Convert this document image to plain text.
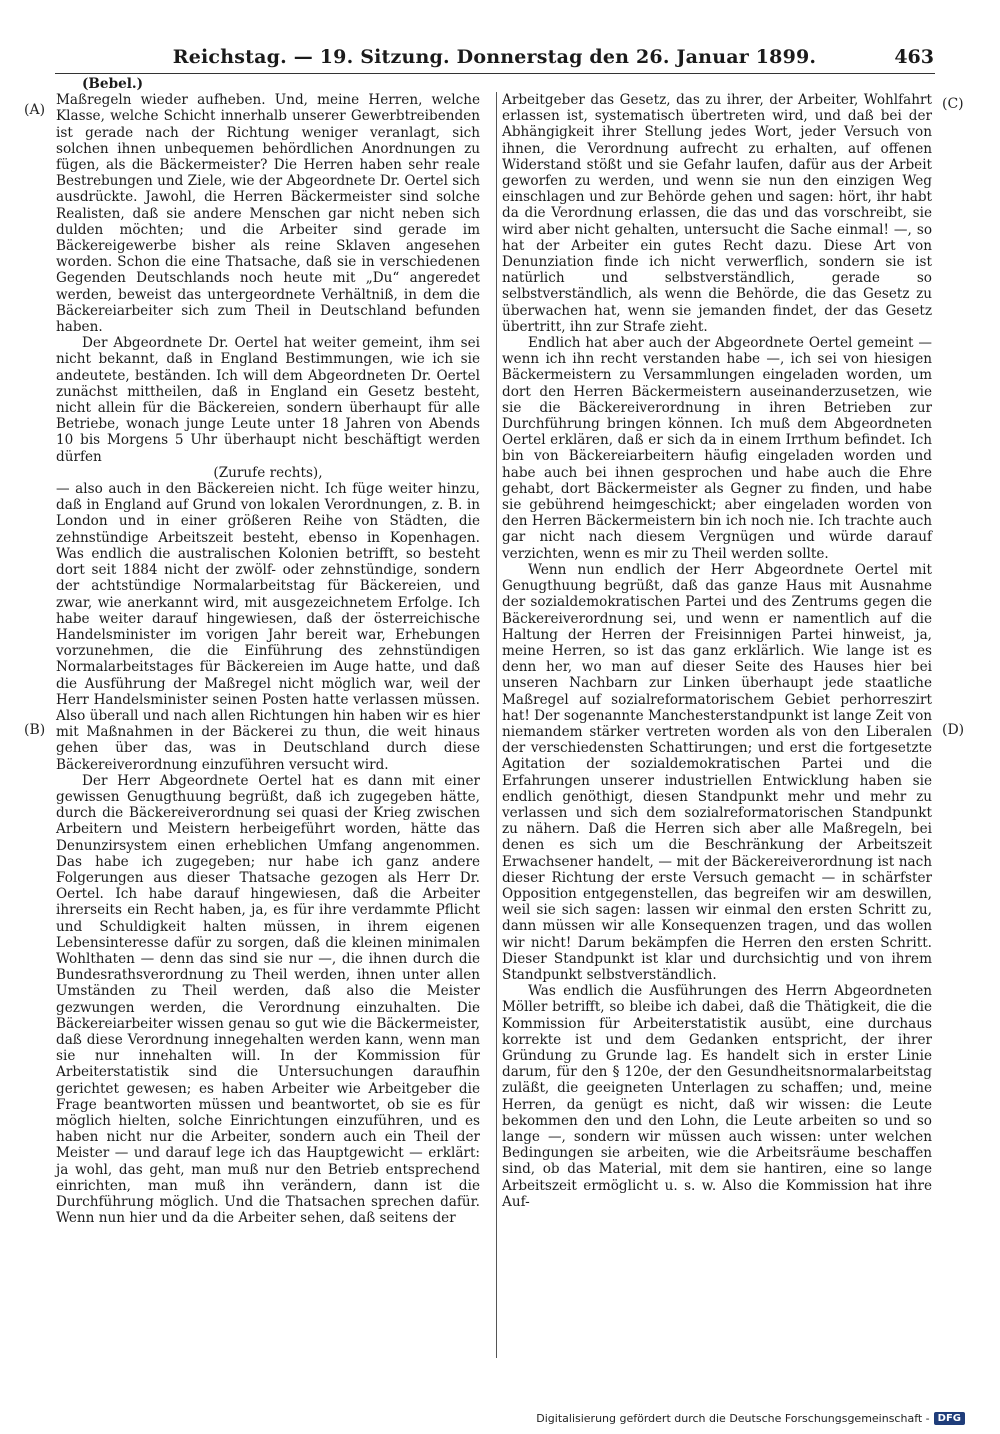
Reichstag. — 19. Sitzung. Donnerstag den 26. Januar 1899.	463
(A)
(B)
(C)
(D)

(Bebel.)

Maßregeln wieder aufheben. Und, meine Herren, welche Klasse, welche Schicht innerhalb unserer Gewerbtreibenden ist gerade nach der Richtung weniger veranlagt, sich solchen ihnen unbequemen behördlichen Anordnungen zu fügen, als die Bäckermeister? Die Herren haben sehr reale Bestrebungen und Ziele, wie der Abgeordnete Dr. Oertel sich ausdrückte. Jawohl, die Herren Bäckermeister sind solche Realisten, daß sie andere Menschen gar nicht neben sich dulden möchten; und die Arbeiter sind gerade im Bäckereigewerbe bisher als reine Sklaven angesehen worden. Schon die eine Thatsache, daß sie in verschiedenen Gegenden Deutschlands noch heute mit „Du“ angeredet werden, beweist das untergeordnete Verhältniß, in dem die Bäckereiarbeiter sich zum Theil in Deutschland befunden haben.

Der Abgeordnete Dr. Oertel hat weiter gemeint, ihm sei nicht bekannt, daß in England Bestimmungen, wie ich sie andeutete, beständen. Ich will dem Abgeordneten Dr. Oertel zunächst mittheilen, daß in England ein Gesetz besteht, nicht allein für die Bäckereien, sondern überhaupt für alle Betriebe, wonach junge Leute unter 18 Jahren von Abends 10 bis Morgens 5 Uhr überhaupt nicht beschäftigt werden dürfen

(Zurufe rechts),

— also auch in den Bäckereien nicht. Ich füge weiter hinzu, daß in England auf Grund von lokalen Verordnungen, z. B. in London und in einer größeren Reihe von Städten, die zehnstündige Arbeitszeit besteht, ebenso in Kopenhagen. Was endlich die australischen Kolonien betrifft, so besteht dort seit 1884 nicht der zwölf- oder zehnstündige, sondern der achtstündige Normalarbeitstag für Bäckereien, und zwar, wie anerkannt wird, mit ausgezeichnetem Erfolge. Ich habe weiter darauf hingewiesen, daß der österreichische Handelsminister im vorigen Jahr bereit war, Erhebungen vorzunehmen, die die Einführung des zehnstündigen Normalarbeitstages für Bäckereien im Auge hatte, und daß die Ausführung der Maßregel nicht möglich war, weil der Herr Handelsminister seinen Posten hatte verlassen müssen. Also überall und nach allen Richtungen hin haben wir es hier mit Maßnahmen in der Bäckerei zu thun, die weit hinaus gehen über das, was in Deutschland durch diese Bäckereiverordnung einzuführen versucht wird.

Der Herr Abgeordnete Oertel hat es dann mit einer gewissen Genugthuung begrüßt, daß ich zugegeben hätte, durch die Bäckereiverordnung sei quasi der Krieg zwischen Arbeitern und Meistern herbeigeführt worden, hätte das Denunzirsystem einen erheblichen Umfang angenommen. Das habe ich zugegeben; nur habe ich ganz andere Folgerungen aus dieser Thatsache gezogen als Herr Dr. Oertel. Ich habe darauf hingewiesen, daß die Arbeiter ihrerseits ein Recht haben, ja, es für ihre verdammte Pflicht und Schuldigkeit halten müssen, in ihrem eigenen Lebensinteresse dafür zu sorgen, daß die kleinen minimalen Wohlthaten — denn das sind sie nur —, die ihnen durch die Bundesrathsverordnung zu Theil werden, ihnen unter allen Umständen zu Theil werden, daß also die Meister gezwungen werden, die Verordnung einzuhalten. Die Bäckereiarbeiter wissen genau so gut wie die Bäckermeister, daß diese Verordnung innegehalten werden kann, wenn man sie nur innehalten will. In der Kommission für Arbeiterstatistik sind die Untersuchungen daraufhin gerichtet gewesen; es haben Arbeiter wie Arbeitgeber die Frage beantworten müssen und beantwortet, ob sie es für möglich hielten, solche Einrichtungen einzuführen, und es haben nicht nur die Arbeiter, sondern auch ein Theil der Meister — und darauf lege ich das Hauptgewicht — erklärt: ja wohl, das geht, man muß nur den Betrieb entsprechend einrichten, man muß ihn verändern, dann ist die Durchführung möglich. Und die Thatsachen sprechen dafür. Wenn nun hier und da die Arbeiter sehen, daß seitens der

Arbeitgeber das Gesetz, das zu ihrer, der Arbeiter, Wohlfahrt erlassen ist, systematisch übertreten wird, und daß bei der Abhängigkeit ihrer Stellung jedes Wort, jeder Versuch von ihnen, die Verordnung aufrecht zu erhalten, auf offenen Widerstand stößt und sie Gefahr laufen, dafür aus der Arbeit geworfen zu werden, und wenn sie nun den einzigen Weg einschlagen und zur Behörde gehen und sagen: hört, ihr habt da die Verordnung erlassen, die das und das vorschreibt, sie wird aber nicht gehalten, untersucht die Sache einmal! —, so hat der Arbeiter ein gutes Recht dazu. Diese Art von Denunziation finde ich nicht verwerflich, sondern sie ist natürlich und selbstverständlich, gerade so selbstverständlich, als wenn die Behörde, die das Gesetz zu überwachen hat, wenn sie jemanden findet, der das Gesetz übertritt, ihn zur Strafe zieht.

Endlich hat aber auch der Abgeordnete Oertel gemeint — wenn ich ihn recht verstanden habe —, ich sei von hiesigen Bäckermeistern zu Versammlungen eingeladen worden, um dort den Herren Bäckermeistern auseinanderzusetzen, wie sie die Bäckereiverordnung in ihren Betrieben zur Durchführung bringen können. Ich muß dem Abgeordneten Oertel erklären, daß er sich da in einem Irrthum befindet. Ich bin von Bäckereiarbeitern häufig eingeladen worden und habe auch bei ihnen gesprochen und habe auch die Ehre gehabt, dort Bäckermeister als Gegner zu finden, und habe sie gebührend heimgeschickt; aber eingeladen worden von den Herren Bäckermeistern bin ich noch nie. Ich trachte auch gar nicht nach diesem Vergnügen und würde darauf verzichten, wenn es mir zu Theil werden sollte.

Wenn nun endlich der Herr Abgeordnete Oertel mit Genugthuung begrüßt, daß das ganze Haus mit Ausnahme der sozialdemokratischen Partei und des Zentrums gegen die Bäckereiverordnung sei, und wenn er namentlich auf die Haltung der Herren der Freisinnigen Partei hinweist, ja, meine Herren, so ist das ganz erklärlich. Wie lange ist es denn her, wo man auf dieser Seite des Hauses hier bei unseren Nachbarn zur Linken überhaupt jede staatliche Maßregel auf sozialreformatorischem Gebiet perhorreszirt hat! Der sogenannte Manchesterstandpunkt ist lange Zeit von niemandem stärker vertreten worden als von den Liberalen der verschiedensten Schattirungen; und erst die fortgesetzte Agitation der sozialdemokratischen Partei und die Erfahrungen unserer industriellen Entwicklung haben sie endlich genöthigt, diesen Standpunkt mehr und mehr zu verlassen und sich dem sozialreformatorischen Standpunkt zu nähern. Daß die Herren sich aber alle Maßregeln, bei denen es sich um die Beschränkung der Arbeitszeit Erwachsener handelt, — mit der Bäckereiverordnung ist nach dieser Richtung der erste Versuch gemacht — in schärfster Opposition entgegenstellen, das begreifen wir am deswillen, weil sie sich sagen: lassen wir einmal den ersten Schritt zu, dann müssen wir alle Konsequenzen tragen, und das wollen wir nicht! Darum bekämpfen die Herren den ersten Schritt. Dieser Standpunkt ist klar und durchsichtig und von ihrem Standpunkt selbstverständlich.

Was endlich die Ausführungen des Herrn Abgeordneten Möller betrifft, so bleibe ich dabei, daß die Thätigkeit, die die Kommission für Arbeiterstatistik ausübt, eine durchaus korrekte ist und dem Gedanken entspricht, der ihrer Gründung zu Grunde lag. Es handelt sich in erster Linie darum, für den § 120e, der den Gesundheitsnormalarbeitstag zuläßt, die geeigneten Unterlagen zu schaffen; und, meine Herren, da genügt es nicht, daß wir wissen: die Leute bekommen den und den Lohn, die Leute arbeiten so und so lange —, sondern wir müssen auch wissen: unter welchen Bedingungen sie arbeiten, wie die Arbeitsräume beschaffen sind, ob das Material, mit dem sie hantiren, eine so lange Arbeitszeit ermöglicht u. s. w. Also die Kommission hat ihre Auf-

Digitalisierung gefördert durch die Deutsche Forschungsgemeinschaft - DFG
